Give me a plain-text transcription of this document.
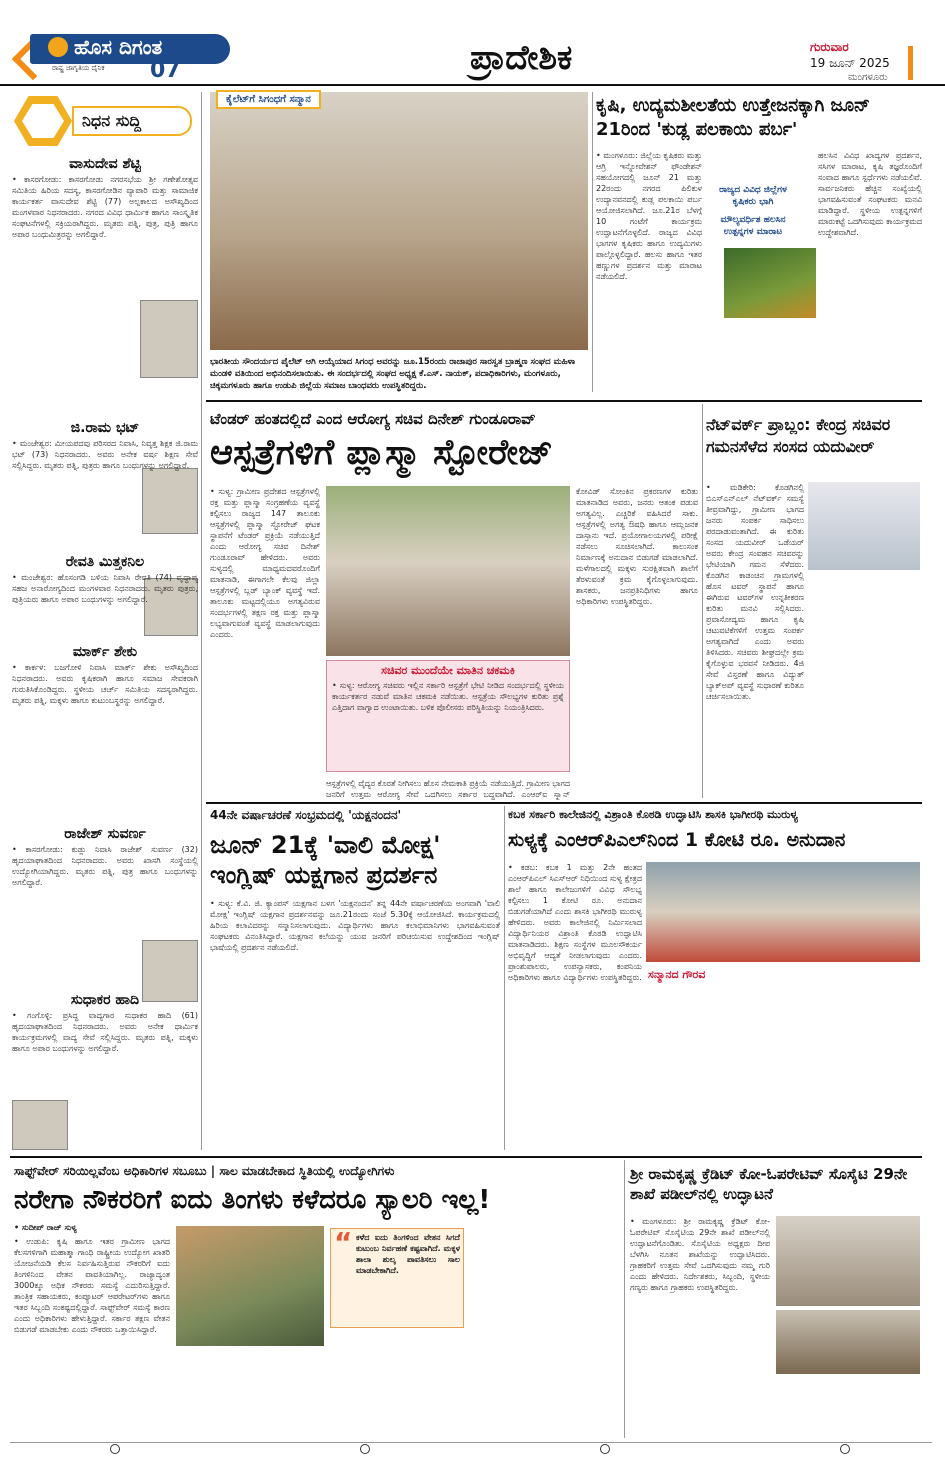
ಹೊಸ ದಿಗಂತ
ರಾಷ್ಟ್ರ ಜಾಗೃತಿಯ ದೈನಿಕ 07	ಪ್ರಾದೇಶಿಕ	ಗುರುವಾರ
19 ಜೂನ್ 2025
ಮಂಗಳೂರು
ನಿಧನ ಸುದ್ದಿ
ವಾಸುದೇವ ಶೆಟ್ಟಿ
• ಕಾಸರಗೋಡು: ಕಾಸರಗೋಡು ನಗರಸಭೆಯ ಶ್ರೀ ಗಣೇಶೋತ್ಸವ ಸಮಿತಿಯ ಹಿರಿಯ ಸದಸ್ಯ, ಕಾಸರಗೋಡಿನ ವ್ಯಾಪಾರಿ ಮತ್ತು ಸಾಮಾಜಿಕ ಕಾರ್ಯಕರ್ತ ವಾಸುದೇವ ಶೆಟ್ಟಿ (77) ಅಲ್ಪಕಾಲದ ಅಸೌಖ್ಯದಿಂದ ಮಂಗಳವಾರ ನಿಧನರಾದರು. ನಗರದ ವಿವಿಧ ಧಾರ್ಮಿಕ ಹಾಗೂ ಸಾಂಸ್ಕೃತಿಕ ಸಂಘಟನೆಗಳಲ್ಲಿ ಸಕ್ರಿಯರಾಗಿದ್ದರು. ಮೃತರು ಪತ್ನಿ, ಪುತ್ರ, ಪುತ್ರಿ ಹಾಗೂ ಅಪಾರ ಬಂಧುಮಿತ್ರರನ್ನು ಅಗಲಿದ್ದಾರೆ.
ಜಿ.ರಾಮ ಭಟ್
• ಮಂಜೇಶ್ವರ: ಮೀಯಪದವು ಪರಿಸರದ ನಿವಾಸಿ, ನಿವೃತ್ತ ಶಿಕ್ಷಕ ಜಿ.ರಾಮ ಭಟ್ (73) ನಿಧನರಾದರು. ಅವರು ಅನೇಕ ವರ್ಷ ಶಿಕ್ಷಣ ಸೇವೆ ಸಲ್ಲಿಸಿದ್ದರು. ಮೃತರು ಪತ್ನಿ, ಪುತ್ರರು ಹಾಗೂ ಬಂಧುಗಳನ್ನು ಅಗಲಿದ್ದಾರೆ.
ರೇವತಿ ಮಿತ್ತಕನಿಲ
• ಮಂಜೇಶ್ವರ: ಹೊಸಂಗಡಿ ಬಳಿಯ ನಿವಾಸಿ ರೇವತಿ (74) ವೃದ್ಧಾಪ್ಯ ಸಹಜ ಅನಾರೋಗ್ಯದಿಂದ ಮಂಗಳವಾರ ನಿಧನರಾದರು. ಮೃತರು ಪುತ್ರರು, ಪುತ್ರಿಯರು ಹಾಗೂ ಅಪಾರ ಬಂಧುಗಳನ್ನು ಅಗಲಿದ್ದಾರೆ.
ಮಾರ್ಕ್ ಶೇಕು
• ಕಾರ್ಕಳ: ಬಜಗೋಳಿ ನಿವಾಸಿ ಮಾರ್ಕ್ ಶೇಕು ಅಸೌಖ್ಯದಿಂದ ನಿಧನರಾದರು. ಅವರು ಕೃಷಿಕರಾಗಿ ಹಾಗೂ ಸಮಾಜ ಸೇವಕರಾಗಿ ಗುರುತಿಸಿಕೊಂಡಿದ್ದರು. ಸ್ಥಳೀಯ ಚರ್ಚ್ ಸಮಿತಿಯ ಸದಸ್ಯರಾಗಿದ್ದರು. ಮೃತರು ಪತ್ನಿ, ಮಕ್ಕಳು ಹಾಗೂ ಕುಟುಂಬಸ್ಥರನ್ನು ಅಗಲಿದ್ದಾರೆ.
ರಾಜೇಶ್ ಸುವರ್ಣ
• ಕಾಸರಗೋಡು: ಕುಡ್ಲು ನಿವಾಸಿ ರಾಜೇಶ್ ಸುವರ್ಣ (32) ಹೃದಯಾಘಾತದಿಂದ ನಿಧನರಾದರು. ಅವರು ಖಾಸಗಿ ಸಂಸ್ಥೆಯಲ್ಲಿ ಉದ್ಯೋಗಿಯಾಗಿದ್ದರು. ಮೃತರು ಪತ್ನಿ, ಪುತ್ರ ಹಾಗೂ ಬಂಧುಗಳನ್ನು ಅಗಲಿದ್ದಾರೆ.
ಸುಧಾಕರ ಹಾದಿ
• ಗಂಗೊಳ್ಳಿ: ಪ್ರಸಿದ್ಧ ವಾದ್ಯಗಾರ ಸುಧಾಕರ ಹಾದಿ (61) ಹೃದಯಾಘಾತದಿಂದ ನಿಧನರಾದರು. ಅವರು ಅನೇಕ ಧಾರ್ಮಿಕ ಕಾರ್ಯಕ್ರಮಗಳಲ್ಲಿ ವಾದ್ಯ ಸೇವೆ ಸಲ್ಲಿಸಿದ್ದರು. ಮೃತರು ಪತ್ನಿ, ಮಕ್ಕಳು ಹಾಗೂ ಅಪಾರ ಬಂಧುಗಳನ್ನು ಅಗಲಿದ್ದಾರೆ.
ಕೈಲೆಟ್‌ಗೆ ಸಿಗಂಧಗೆ ಸನ್ಮಾನ
ಭಾರತೀಯ ಸೌಂದರ್ಯದ ಪೈಲೆಟ್ ಆಗಿ ಆಯ್ಕೆಯಾದ ಸಿಗಂಧ ಅವರನ್ನು ಜೂ.15ರಂದು ರಾಜಾಪುರ ಸಾರಸ್ವತ ಬ್ರಾಹ್ಮಣ ಸಂಘದ ಮಹಿಳಾ ಮಂಡಳಿ ವತಿಯಿಂದ ಅಭಿನಂದಿಸಲಾಯಿತು. ಈ ಸಂದರ್ಭದಲ್ಲಿ ಸಂಘದ ಅಧ್ಯಕ್ಷ ಕೆ.ಎಸ್. ನಾಯಕ್, ಪದಾಧಿಕಾರಿಗಳು, ಮಂಗಳೂರು, ಚಿಕ್ಕಮಗಳೂರು ಹಾಗೂ ಉಡುಪಿ ಜಿಲ್ಲೆಯ ಸಮಾಜ ಬಾಂಧವರು ಉಪಸ್ಥಿತರಿದ್ದರು.
ಕೃಷಿ, ಉದ್ಯಮಶೀಲತೆಯ ಉತ್ತೇಜನಕ್ಕಾಗಿ ಜೂನ್ 21ರಿಂದ 'ಕುಡ್ಲ ಪಲಕಾಯಿ ಪರ್ಬ'
• ಮಂಗಳೂರು: ಜಿಲ್ಲೆಯ ಕೃಷಿಕರು ಮತ್ತು ಆಗ್ರಿ ಇನ್ನೋವೇಶನ್ ಫೌಂಡೇಶನ್ ಸಹಯೋಗದಲ್ಲಿ ಜೂನ್ 21 ಮತ್ತು 22ರಂದು ನಗರದ ಪಿಲಿಕುಳ ಉದ್ಯಾನವನದಲ್ಲಿ ಕುಡ್ಲ ಪಲಕಾಯಿ ಪರ್ಬ ಆಯೋಜಿಸಲಾಗಿದೆ. ಜೂ.21ರ ಬೆಳಗ್ಗೆ 10 ಗಂಟೆಗೆ ಕಾರ್ಯಕ್ರಮ ಉದ್ಘಾಟನೆಗೊಳ್ಳಲಿದೆ. ರಾಜ್ಯದ ವಿವಿಧ ಭಾಗಗಳ ಕೃಷಿಕರು ಹಾಗೂ ಉದ್ಯಮಿಗಳು ಪಾಲ್ಗೊಳ್ಳಲಿದ್ದಾರೆ. ಹಲಸು ಹಾಗೂ ಇತರ ಹಣ್ಣುಗಳ ಪ್ರದರ್ಶನ ಮತ್ತು ಮಾರಾಟ ನಡೆಯಲಿದೆ.
ರಾಜ್ಯದ ವಿವಿಧ ಜಿಲ್ಲೆಗಳ ಕೃಷಿಕರು ಭಾಗಿ
ಮೌಲ್ಯವರ್ಧಿತ ಹಲಸಿನ ಉತ್ಪನ್ನಗಳ ಮಾರಾಟ
ಹಲಸಿನ ವಿವಿಧ ಖಾದ್ಯಗಳ ಪ್ರದರ್ಶನ, ಸಸಿಗಳ ಮಾರಾಟ, ಕೃಷಿ ತಜ್ಞರೊಂದಿಗೆ ಸಂವಾದ ಹಾಗೂ ಸ್ಪರ್ಧೆಗಳು ನಡೆಯಲಿವೆ. ಸಾರ್ವಜನಿಕರು ಹೆಚ್ಚಿನ ಸಂಖ್ಯೆಯಲ್ಲಿ ಭಾಗವಹಿಸುವಂತೆ ಸಂಘಟಕರು ಮನವಿ ಮಾಡಿದ್ದಾರೆ. ಸ್ಥಳೀಯ ಉತ್ಪನ್ನಗಳಿಗೆ ಮಾರುಕಟ್ಟೆ ಒದಗಿಸುವುದು ಕಾರ್ಯಕ್ರಮದ ಉದ್ದೇಶವಾಗಿದೆ.
ಟೆಂಡರ್ ಹಂತದಲ್ಲಿದೆ ಎಂದ ಆರೋಗ್ಯ ಸಚಿವ ದಿನೇಶ್ ಗುಂಡೂರಾವ್
ಆಸ್ಪತ್ರೆಗಳಿಗೆ ಪ್ಲಾಸ್ಮಾ ಸ್ಟೋರೇಜ್
• ಸುಳ್ಯ: ಗ್ರಾಮೀಣ ಪ್ರದೇಶದ ಆಸ್ಪತ್ರೆಗಳಲ್ಲಿ ರಕ್ತ ಮತ್ತು ಪ್ಲಾಸ್ಮಾ ಸಂಗ್ರಹಣೆಯ ವ್ಯವಸ್ಥೆ ಕಲ್ಪಿಸಲು ರಾಜ್ಯದ 147 ತಾಲೂಕು ಆಸ್ಪತ್ರೆಗಳಲ್ಲಿ ಪ್ಲಾಸ್ಮಾ ಸ್ಟೋರೇಜ್ ಘಟಕ ಸ್ಥಾಪನೆಗೆ ಟೆಂಡರ್ ಪ್ರಕ್ರಿಯೆ ನಡೆಯುತ್ತಿದೆ ಎಂದು ಆರೋಗ್ಯ ಸಚಿವ ದಿನೇಶ್ ಗುಂಡೂರಾವ್ ಹೇಳಿದರು. ಅವರು ಸುಳ್ಯದಲ್ಲಿ ಮಾಧ್ಯಮದವರೊಂದಿಗೆ ಮಾತನಾಡಿ, ಈಗಾಗಲೇ ಕೆಲವು ಜಿಲ್ಲಾ ಆಸ್ಪತ್ರೆಗಳಲ್ಲಿ ಬ್ಲಡ್ ಬ್ಯಾಂಕ್ ವ್ಯವಸ್ಥೆ ಇದೆ. ತಾಲೂಕು ಮಟ್ಟದಲ್ಲಿಯೂ ಅಗತ್ಯವಿರುವ ಸಂದರ್ಭಗಳಲ್ಲಿ ತಕ್ಷಣ ರಕ್ತ ಮತ್ತು ಪ್ಲಾಸ್ಮಾ ಲಭ್ಯವಾಗುವಂತೆ ವ್ಯವಸ್ಥೆ ಮಾಡಲಾಗುವುದು ಎಂದರು.
ಸಚಿವರ ಮುಂದೆಯೇ ಮಾತಿನ ಚಕಮಕಿ
• ಸುಳ್ಯ: ಆರೋಗ್ಯ ಸಚಿವರು ಇಲ್ಲಿನ ಸರ್ಕಾರಿ ಆಸ್ಪತ್ರೆಗೆ ಭೇಟಿ ನೀಡಿದ ಸಂದರ್ಭದಲ್ಲಿ ಸ್ಥಳೀಯ ಕಾರ್ಯಕರ್ತರ ನಡುವೆ ಮಾತಿನ ಚಕಮಕಿ ನಡೆಯಿತು. ಆಸ್ಪತ್ರೆಯ ಸೌಲಭ್ಯಗಳ ಕುರಿತು ಪ್ರಶ್ನೆ ಎತ್ತಿದಾಗ ವಾಗ್ವಾದ ಉಂಟಾಯಿತು. ಬಳಿಕ ಪೊಲೀಸರು ಪರಿಸ್ಥಿತಿಯನ್ನು ನಿಯಂತ್ರಿಸಿದರು.
ಆಸ್ಪತ್ರೆಗಳಲ್ಲಿ ವೈದ್ಯರ ಕೊರತೆ ನೀಗಿಸಲು ಹೊಸ ನೇಮಕಾತಿ ಪ್ರಕ್ರಿಯೆ ನಡೆಯುತ್ತಿದೆ. ಗ್ರಾಮೀಣ ಭಾಗದ ಜನರಿಗೆ ಉತ್ತಮ ಆರೋಗ್ಯ ಸೇವೆ ಒದಗಿಸಲು ಸರ್ಕಾರ ಬದ್ಧವಾಗಿದೆ. ಎಂಆರ್‌ಐ ಸ್ಕ್ಯಾನ್
ಕೋವಿಡ್ ಸೋಂಕಿನ ಪ್ರಕರಣಗಳ ಕುರಿತು ಮಾತನಾಡಿದ ಅವರು, ಜನರು ಆತಂಕ ಪಡುವ ಅಗತ್ಯವಿಲ್ಲ. ಎಚ್ಚರಿಕೆ ವಹಿಸಿದರೆ ಸಾಕು. ಆಸ್ಪತ್ರೆಗಳಲ್ಲಿ ಅಗತ್ಯ ಔಷಧಿ ಹಾಗೂ ಆಮ್ಲಜನಕ ದಾಸ್ತಾನು ಇದೆ. ಪ್ರಯೋಗಾಲಯಗಳಲ್ಲಿ ಪರೀಕ್ಷೆ ನಡೆಸಲು ಸೂಚಿಸಲಾಗಿದೆ. ಕಾಲುಸಂಕ ನಿರ್ಮಾಣಕ್ಕೆ ಅನುದಾನ ಬಿಡುಗಡೆ ಮಾಡಲಾಗಿದೆ. ಮಳೆಗಾಲದಲ್ಲಿ ಮಕ್ಕಳು ಸುರಕ್ಷಿತವಾಗಿ ಶಾಲೆಗೆ ತೆರಳುವಂತೆ ಕ್ರಮ ಕೈಗೊಳ್ಳಲಾಗುವುದು. ಶಾಸಕರು, ಜನಪ್ರತಿನಿಧಿಗಳು ಹಾಗೂ ಅಧಿಕಾರಿಗಳು ಉಪಸ್ಥಿತರಿದ್ದರು.
ನೆಟ್‌ವರ್ಕ್ ಪ್ರಾಬ್ಲಂ: ಕೇಂದ್ರ ಸಚಿವರ ಗಮನಸೆಳೆದ ಸಂಸದ ಯದುವೀರ್
• ಮಡಿಕೇರಿ: ಕೊಡಗಿನಲ್ಲಿ ಬಿಎಸ್‌ಎನ್‌ಎಲ್ ನೆಟ್‌ವರ್ಕ್ ಸಮಸ್ಯೆ ತೀವ್ರವಾಗಿದ್ದು, ಗ್ರಾಮೀಣ ಭಾಗದ ಜನರು ಸಂಪರ್ಕ ಸಾಧಿಸಲು ಪರದಾಡುವಂತಾಗಿದೆ. ಈ ಕುರಿತು ಸಂಸದ ಯದುವೀರ್ ಒಡೆಯರ್ ಅವರು ಕೇಂದ್ರ ಸಂವಹನ ಸಚಿವರನ್ನು ಭೇಟಿಯಾಗಿ ಗಮನ ಸೆಳೆದರು. ಕೊಡಗಿನ ಕಾಡಂಚಿನ ಗ್ರಾಮಗಳಲ್ಲಿ ಹೊಸ ಟವರ್ ಸ್ಥಾಪನೆ ಹಾಗೂ ಈಗಿರುವ ಟವರ್‌ಗಳ ಉನ್ನತೀಕರಣ ಕುರಿತು ಮನವಿ ಸಲ್ಲಿಸಿದರು. ಪ್ರವಾಸೋದ್ಯಮ ಹಾಗೂ ಕೃಷಿ ಚಟುವಟಿಕೆಗಳಿಗೆ ಉತ್ತಮ ಸಂಪರ್ಕ ಅಗತ್ಯವಾಗಿದೆ ಎಂದು ಅವರು ತಿಳಿಸಿದರು. ಸಚಿವರು ಶೀಘ್ರದಲ್ಲೇ ಕ್ರಮ ಕೈಗೊಳ್ಳುವ ಭರವಸೆ ನೀಡಿದರು. 4ಜಿ ಸೇವೆ ವಿಸ್ತರಣೆ ಹಾಗೂ ವಿದ್ಯುತ್ ಬ್ಯಾಕ್‌ಅಪ್ ವ್ಯವಸ್ಥೆ ಸುಧಾರಣೆ ಕುರಿತೂ ಚರ್ಚಿಸಲಾಯಿತು.
44ನೇ ವರ್ಷಾಚರಣೆ ಸಂಭ್ರಮದಲ್ಲಿ 'ಯಕ್ಷನಂದನ'
ಜೂನ್ 21ಕ್ಕೆ 'ವಾಲಿ ಮೋಕ್ಷ' ಇಂಗ್ಲಿಷ್ ಯಕ್ಷಗಾನ ಪ್ರದರ್ಶನ
• ಸುಳ್ಯ: ಕೆ.ವಿ. ಜಿ. ಕ್ಯಾಂಪಸ್ ಯಕ್ಷಗಾನ ಬಳಗ 'ಯಕ್ಷನಂದನ' ತನ್ನ 44ನೇ ವರ್ಷಾಚರಣೆಯ ಅಂಗವಾಗಿ 'ವಾಲಿ ಮೋಕ್ಷ' ಇಂಗ್ಲಿಷ್ ಯಕ್ಷಗಾನ ಪ್ರದರ್ಶನವನ್ನು ಜೂ.21ರಂದು ಸಂಜೆ 5.30ಕ್ಕೆ ಆಯೋಜಿಸಿದೆ. ಕಾರ್ಯಕ್ರಮದಲ್ಲಿ ಹಿರಿಯ ಕಲಾವಿದರನ್ನು ಸನ್ಮಾನಿಸಲಾಗುವುದು. ವಿದ್ಯಾರ್ಥಿಗಳು ಹಾಗೂ ಕಲಾಭಿಮಾನಿಗಳು ಭಾಗವಹಿಸುವಂತೆ ಸಂಘಟಕರು ವಿನಂತಿಸಿದ್ದಾರೆ. ಯಕ್ಷಗಾನ ಕಲೆಯನ್ನು ಯುವ ಜನರಿಗೆ ಪರಿಚಯಿಸುವ ಉದ್ದೇಶದಿಂದ ಇಂಗ್ಲಿಷ್ ಭಾಷೆಯಲ್ಲಿ ಪ್ರದರ್ಶನ ನಡೆಯಲಿದೆ.
ಕಬಕ ಸರ್ಕಾರಿ ಕಾಲೇಜಿನಲ್ಲಿ ವಿಶ್ರಾಂತಿ ಕೊಠಡಿ ಉದ್ಘಾಟಿಸಿ ಶಾಸಕಿ ಭಾಗೀರಥಿ ಮುರುಳ್ಯ
ಸುಳ್ಯಕ್ಕೆ ಎಂಆರ್‌ಪಿಎಲ್‌ನಿಂದ 1 ಕೋಟಿ ರೂ. ಅನುದಾನ
• ಕಡಬ: ಕಬಕ 1 ಮತ್ತು 2ನೇ ಹಂತದ ಎಂಆರ್‌ಪಿಎಲ್ ಸಿಎಸ್‌ಆರ್ ನಿಧಿಯಿಂದ ಸುಳ್ಯ ಕ್ಷೇತ್ರದ ಶಾಲೆ ಹಾಗೂ ಕಾಲೇಜುಗಳಿಗೆ ವಿವಿಧ ಸೌಲಭ್ಯ ಕಲ್ಪಿಸಲು 1 ಕೋಟಿ ರೂ. ಅನುದಾನ ಬಿಡುಗಡೆಯಾಗಿದೆ ಎಂದು ಶಾಸಕಿ ಭಾಗೀರಥಿ ಮುರುಳ್ಯ ಹೇಳಿದರು. ಅವರು ಕಾಲೇಜಿನಲ್ಲಿ ನಿರ್ಮಿಸಲಾದ ವಿದ್ಯಾರ್ಥಿನಿಯರ ವಿಶ್ರಾಂತಿ ಕೊಠಡಿ ಉದ್ಘಾಟಿಸಿ ಮಾತನಾಡಿದರು. ಶಿಕ್ಷಣ ಸಂಸ್ಥೆಗಳ ಮೂಲಸೌಕರ್ಯ ಅಭಿವೃದ್ಧಿಗೆ ಆದ್ಯತೆ ನೀಡಲಾಗುವುದು ಎಂದರು. ಪ್ರಾಂಶುಪಾಲರು, ಉಪನ್ಯಾಸಕರು, ಕಂಪನಿಯ ಅಧಿಕಾರಿಗಳು ಹಾಗೂ ವಿದ್ಯಾರ್ಥಿಗಳು ಉಪಸ್ಥಿತರಿದ್ದರು. ಸನ್ಮಾನದ ಗೌರವ
ಸಾಫ್ಟ್‌ವೇರ್ ಸರಿಯಿಲ್ಲವೆಂಬ ಅಧಿಕಾರಿಗಳ ಸಬೂಬು | ಸಾಲ ಮಾಡಬೇಕಾದ ಸ್ಥಿತಿಯಲ್ಲಿ ಉದ್ಯೋಗಿಗಳು
ನರೇಗಾ ನೌಕರರಿಗೆ ಐದು ತಿಂಗಳು ಕಳೆದರೂ ಸ್ಯಾಲರಿ ಇಲ್ಲ!
• ಸುದೀಪ್ ರಾಜ್ ಸುಳ್ಯ
• ಉಡುಪಿ: ಕೃಷಿ ಹಾಗೂ ಇತರ ಗ್ರಾಮೀಣ ಭಾಗದ ಕೆಲಸಗಳಿಗಾಗಿ ಮಹಾತ್ಮಾ ಗಾಂಧಿ ರಾಷ್ಟ್ರೀಯ ಉದ್ಯೋಗ ಖಾತರಿ ಯೋಜನೆಯಡಿ ಕೆಲಸ ನಿರ್ವಹಿಸುತ್ತಿರುವ ನೌಕರರಿಗೆ ಐದು ತಿಂಗಳಿನಿಂದ ವೇತನ ಪಾವತಿಯಾಗಿಲ್ಲ. ರಾಜ್ಯಾದ್ಯಂತ 3000ಕ್ಕೂ ಅಧಿಕ ನೌಕರರು ಸಮಸ್ಯೆ ಎದುರಿಸುತ್ತಿದ್ದಾರೆ. ತಾಂತ್ರಿಕ ಸಹಾಯಕರು, ಕಂಪ್ಯೂಟರ್ ಆಪರೇಟರ್‌ಗಳು ಹಾಗೂ ಇತರ ಸಿಬ್ಬಂದಿ ಸಂಕಷ್ಟದಲ್ಲಿದ್ದಾರೆ. ಸಾಫ್ಟ್‌ವೇರ್ ಸಮಸ್ಯೆ ಕಾರಣ ಎಂದು ಅಧಿಕಾರಿಗಳು ಹೇಳುತ್ತಿದ್ದಾರೆ. ಸರ್ಕಾರ ತಕ್ಷಣ ವೇತನ ಬಿಡುಗಡೆ ಮಾಡಬೇಕು ಎಂದು ನೌಕರರು ಒತ್ತಾಯಿಸಿದ್ದಾರೆ.
“ ಕಳೆದ ಐದು ತಿಂಗಳಿಂದ ವೇತನ ಸಿಗದೆ ಕುಟುಂಬ ನಿರ್ವಹಣೆ ಕಷ್ಟವಾಗಿದೆ. ಮಕ್ಕಳ ಶಾಲಾ ಶುಲ್ಕ ಪಾವತಿಸಲು ಸಾಲ ಮಾಡಬೇಕಾಗಿದೆ.
ಶ್ರೀ ರಾಮಕೃಷ್ಣ ಕ್ರೆಡಿಟ್ ಕೋ-ಓಪರೇಟಿವ್ ಸೊಸೈಟಿ 29ನೇ ಶಾಖೆ ಪಡೀಲ್‌ನಲ್ಲಿ ಉದ್ಘಾಟನೆ
• ಮಂಗಳೂರು: ಶ್ರೀ ರಾಮಕೃಷ್ಣ ಕ್ರೆಡಿಟ್ ಕೋ-ಓಪರೇಟಿವ್ ಸೊಸೈಟಿಯ 29ನೇ ಶಾಖೆ ಪಡೀಲ್‌ನಲ್ಲಿ ಉದ್ಘಾಟನೆಗೊಂಡಿತು. ಸೊಸೈಟಿಯ ಅಧ್ಯಕ್ಷರು ದೀಪ ಬೆಳಗಿಸಿ ನೂತನ ಶಾಖೆಯನ್ನು ಉದ್ಘಾಟಿಸಿದರು. ಗ್ರಾಹಕರಿಗೆ ಉತ್ತಮ ಸೇವೆ ಒದಗಿಸುವುದು ನಮ್ಮ ಗುರಿ ಎಂದು ಹೇಳಿದರು. ನಿರ್ದೇಶಕರು, ಸಿಬ್ಬಂದಿ, ಸ್ಥಳೀಯ ಗಣ್ಯರು ಹಾಗೂ ಗ್ರಾಹಕರು ಉಪಸ್ಥಿತರಿದ್ದರು.
